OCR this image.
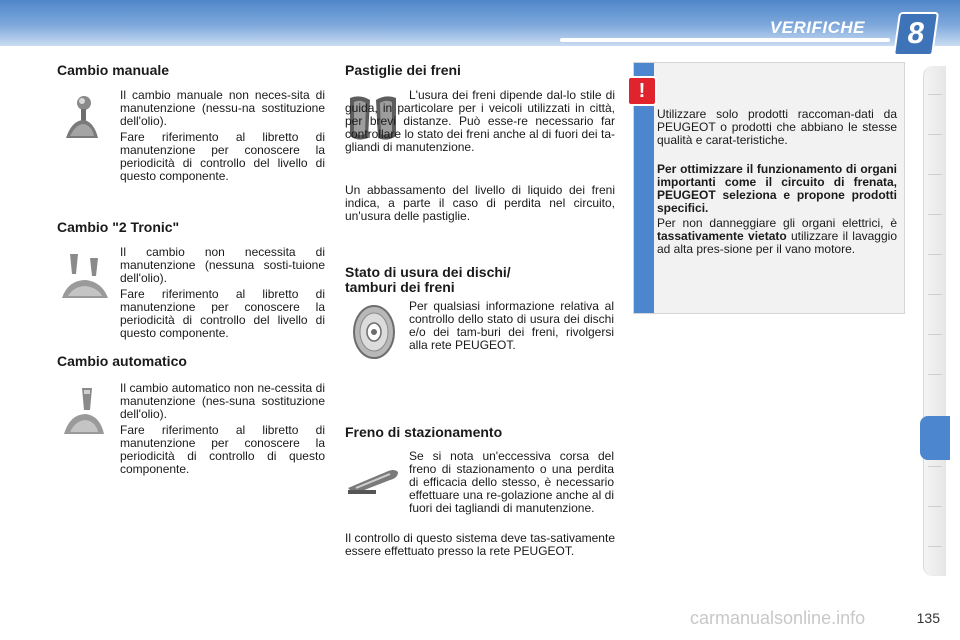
VERIFICHE	8
Cambio manuale

Il cambio manuale non neces-sita di manutenzione (nessu-na sostituzione dell'olio).

Fare riferimento al libretto di manutenzione per conoscere la periodicità di controllo del livello di questo componente.

Cambio "2 Tronic"

Il cambio non necessita di manutenzione (nessuna sosti-tuione dell'olio).

Fare riferimento al libretto di manutenzione per conoscere la periodicità di controllo del livello di questo componente.

Cambio automatico

Il cambio automatico non ne-cessita di manutenzione (nes-suna sostituzione dell'olio).

Fare riferimento al libretto di manutenzione per conoscere la periodicità di controllo di questo componente.

Pastiglie dei freni

L'usura dei freni dipende dal-lo stile di guida, in particolare per i veicoli utilizzati in città, per brevi distanze. Può esse-re necessario far controllare lo stato dei freni anche al di fuori dei ta-gliandi di manutenzione.

Un abbassamento del livello di liquido dei freni indica, a parte il caso di perdita nel circuito, un'usura delle pastiglie.

Stato di usura dei dischi/
tamburi dei freni

Per qualsiasi informazione relativa al controllo dello stato di usura dei dischi e/o dei tam-buri dei freni, rivolgersi alla rete PEUGEOT.

Freno di stazionamento

Se si nota un'eccessiva corsa del freno di stazionamento o una perdita di efficacia dello stesso, è necessario effettuare una re-golazione anche al di fuori dei tagliandi di manutenzione.

Il controllo di questo sistema deve tas-sativamente essere effettuato presso la rete PEUGEOT.

!

Utilizzare solo prodotti raccoman-dati da PEUGEOT o prodotti che abbiano le stesse qualità e carat-teristiche.

Per ottimizzare il funzionamento di organi importanti come il circuito di frenata, PEUGEOT seleziona e propone prodotti specifici.

Per non danneggiare gli organi elettrici, è tassativamente vietato utilizzare il lavaggio ad alta pres-sione per il vano motore.

carmanualsonline.info	135
